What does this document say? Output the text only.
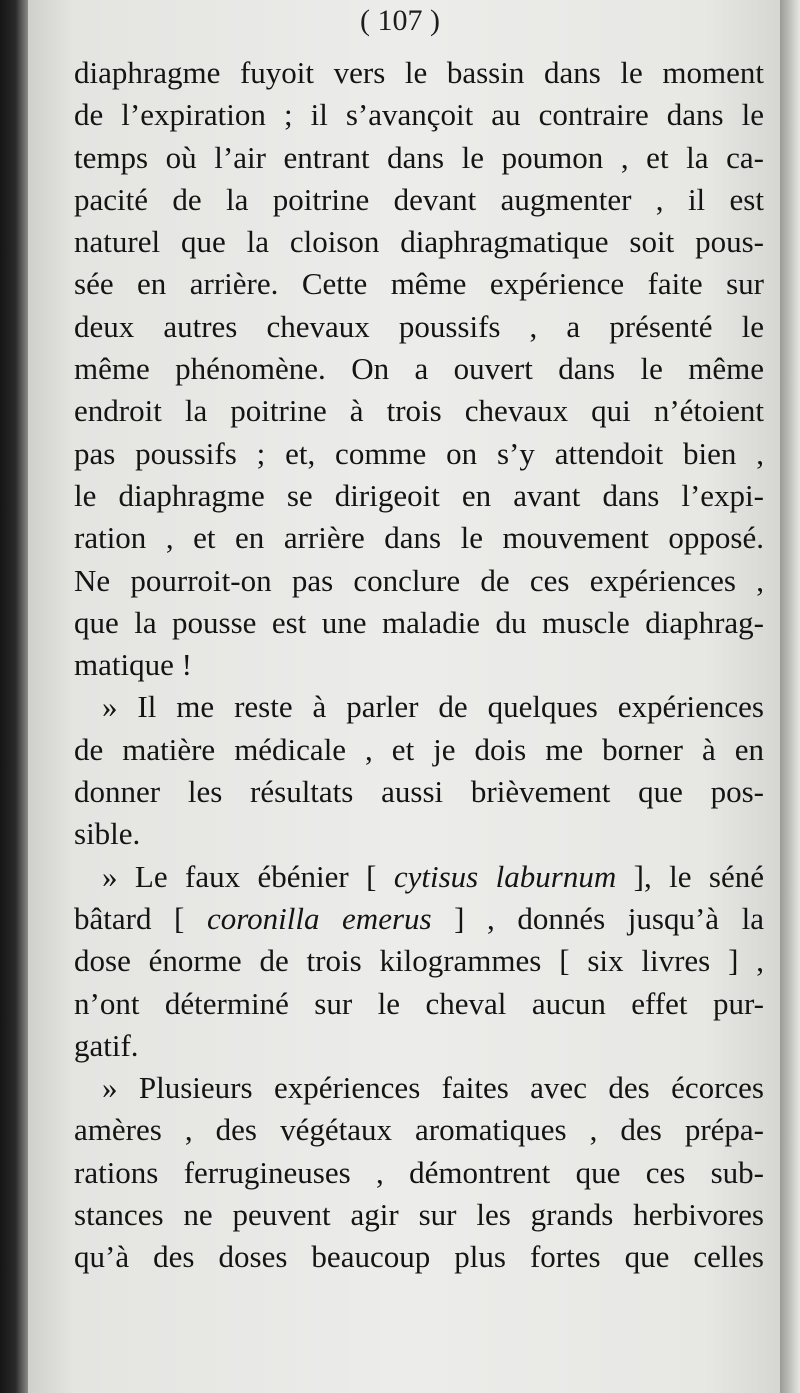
( 107 )
diaphragme fuyoit vers le bassin dans le moment
de l’expiration ; il s’avançoit au contraire dans le
temps où l’air entrant dans le poumon , et la ca-
pacité de la poitrine devant augmenter , il est
naturel que la cloison diaphragmatique soit pous-
sée en arrière. Cette même expérience faite sur
deux autres chevaux poussifs , a présenté le
même phénomène. On a ouvert dans le même
endroit la poitrine à trois chevaux qui n’étoient
pas poussifs ; et, comme on s’y attendoit bien ,
le diaphragme se dirigeoit en avant dans l’expi-
ration , et en arrière dans le mouvement opposé.
Ne pourroit-on pas conclure de ces expériences ,
que la pousse est une maladie du muscle diaphrag-
matique !
» Il me reste à parler de quelques expériences
de matière médicale , et je dois me borner à en
donner les résultats aussi brièvement que pos-
sible.
» Le faux ébénier [ cytisus laburnum ], le séné
bâtard [ coronilla emerus ] , donnés jusqu’à la
dose énorme de trois kilogrammes [ six livres ] ,
n’ont déterminé sur le cheval aucun effet pur-
gatif.
» Plusieurs expériences faites avec des écorces
amères , des végétaux aromatiques , des prépa-
rations ferrugineuses , démontrent que ces sub-
stances ne peuvent agir sur les grands herbivores
qu’à des doses beaucoup plus fortes que celles
